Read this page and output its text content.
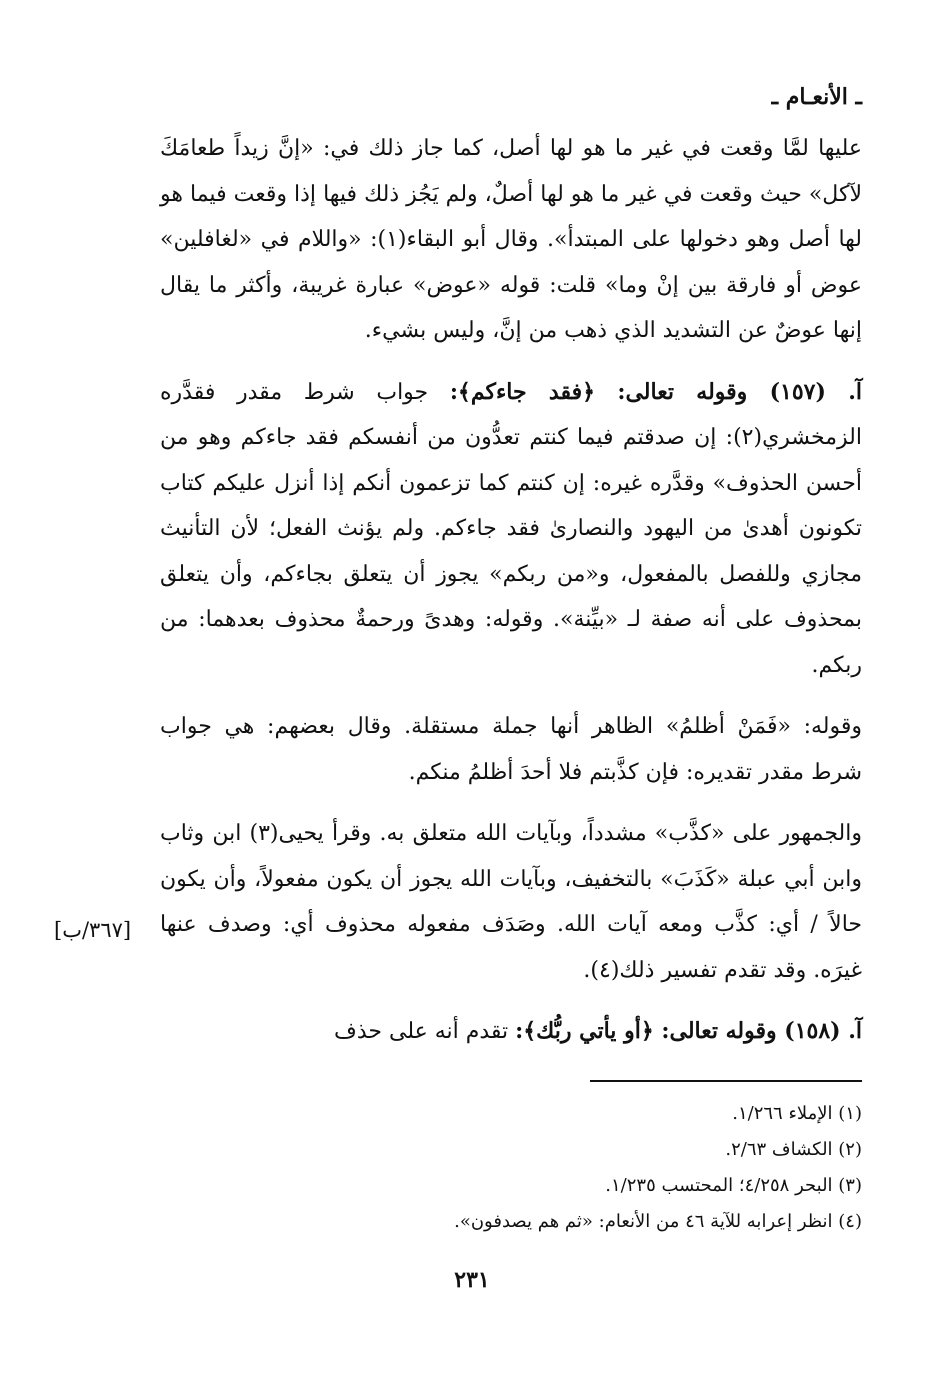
ـ الأنعـام ـ

عليها لمَّا وقعت في غير ما هو لها أصل، كما جاز ذلك في: «إنَّ زيداً طعامَكَ لآكل» حيث وقعت في غير ما هو لها أصلٌ، ولم يَجُز ذلك فيها إذا وقعت فيما هو لها أصل وهو دخولها على المبتدأ». وقال أبو البقاء(١): «واللام في «لغافلين» عوض أو فارقة بين إنْ وما» قلت: قوله «عوض» عبارة غريبة، وأكثر ما يقال إنها عوضٌ عن التشديد الذي ذهب من إنَّ، وليس بشيء.

آ. (١٥٧) وقوله تعالى: ﴿فقد جاءكم﴾: جواب شرط مقدر فقدَّره الزمخشري(٢): إن صدقتم فيما كنتم تعدُّون من أنفسكم فقد جاءكم وهو من أحسن الحذوف» وقدَّره غيره: إن كنتم كما تزعمون أنكم إذا أنزل عليكم كتاب تكونون أهدىٰ من اليهود والنصارىٰ فقد جاءكم. ولم يؤنث الفعل؛ لأن التأنيث مجازي وللفصل بالمفعول، و«من ربكم» يجوز أن يتعلق بجاءكم، وأن يتعلق بمحذوف على أنه صفة لـ «بيِّنة». وقوله: وهدىً ورحمةٌ محذوف بعدهما: من ربكم.

وقوله: «فَمَنْ أظلمُ» الظاهر أنها جملة مستقلة. وقال بعضهم: هي جواب شرط مقدر تقديره: فإن كذَّبتم فلا أحدَ أظلمُ منكم.

والجمهور على «كذَّب» مشدداً، وبآيات الله متعلق به. وقرأ يحيى(٣) ابن وثاب وابن أبي عبلة «كَذَبَ» بالتخفيف، وبآيات الله يجوز أن يكون مفعولاً، وأن يكون حالاً / أي: كذَّب ومعه آيات الله. وصَدَف مفعوله محذوف أي: وصدف عنها غيرَه. وقد تقدم تفسير ذلك(٤).

آ. (١٥٨) وقوله تعالى: ﴿أو يأتي ربُّك﴾: تقدم أنه على حذف

[٣٦٧/ب]
(١) الإملاء ١/٢٦٦.
(٢) الكشاف ٢/٦٣.
(٣) البحر ٤/٢٥٨؛ المحتسب ١/٢٣٥.
(٤) انظر إعرابه للآية ٤٦ من الأنعام: «ثم هم يصدفون».
٢٣١
